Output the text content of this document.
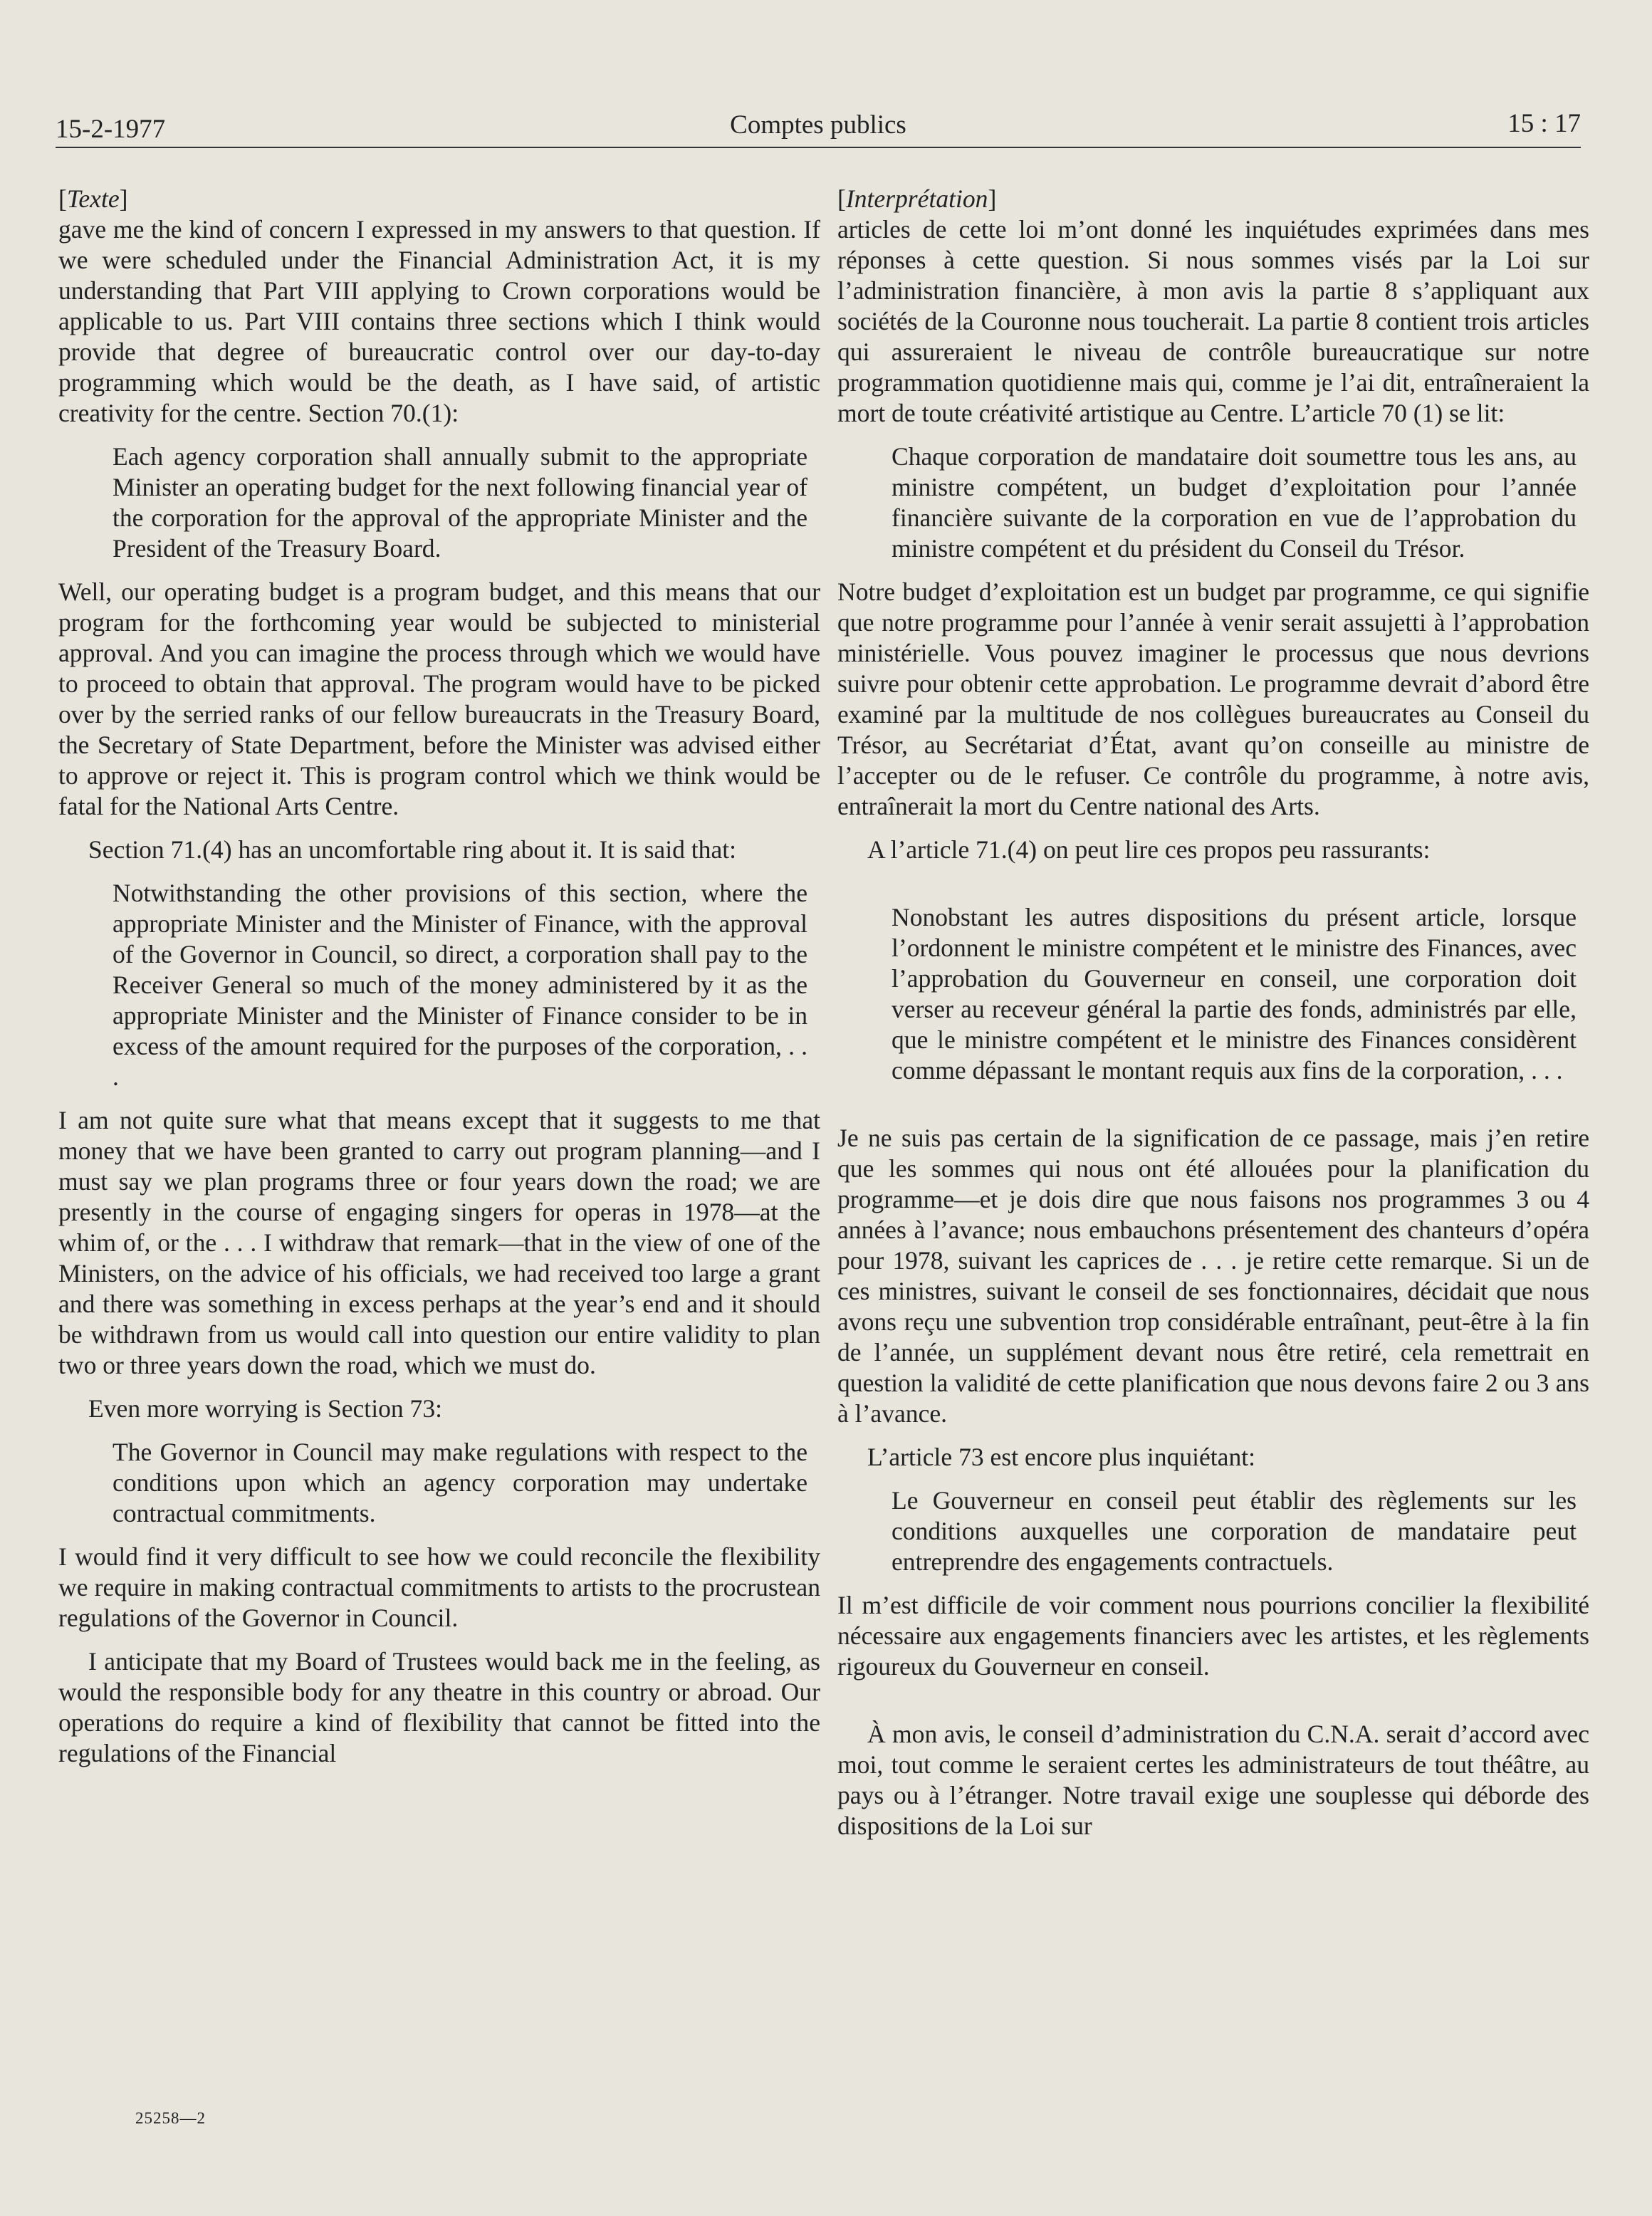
15-2-1977	Comptes publics	15 : 17

[Texte]

gave me the kind of concern I expressed in my answers to that question. If we were scheduled under the Financial Administration Act, it is my understanding that Part VIII applying to Crown corporations would be applicable to us. Part VIII contains three sections which I think would provide that degree of bureaucratic control over our day-to-day programming which would be the death, as I have said, of artistic creativity for the centre. Section 70.(1):

Each agency corporation shall annually submit to the appropriate Minister an operating budget for the next following financial year of the corporation for the approval of the appropriate Minister and the President of the Treasury Board.

Well, our operating budget is a program budget, and this means that our program for the forthcoming year would be subjected to ministerial approval. And you can imagine the process through which we would have to proceed to obtain that approval. The program would have to be picked over by the serried ranks of our fellow bureaucrats in the Treasury Board, the Secretary of State Department, before the Minister was advised either to approve or reject it. This is program control which we think would be fatal for the National Arts Centre.

Section 71.(4) has an uncomfortable ring about it. It is said that:

Notwithstanding the other provisions of this section, where the appropriate Minister and the Minister of Finance, with the approval of the Governor in Council, so direct, a corporation shall pay to the Receiver General so much of the money administered by it as the appropriate Minister and the Minister of Finance consider to be in excess of the amount required for the purposes of the corporation, . . .

I am not quite sure what that means except that it suggests to me that money that we have been granted to carry out program planning—and I must say we plan programs three or four years down the road; we are presently in the course of engaging singers for operas in 1978—at the whim of, or the . . . I withdraw that remark—that in the view of one of the Ministers, on the advice of his officials, we had received too large a grant and there was something in excess perhaps at the year’s end and it should be withdrawn from us would call into question our entire validity to plan two or three years down the road, which we must do.

Even more worrying is Section 73:

The Governor in Council may make regulations with respect to the conditions upon which an agency corporation may undertake contractual commitments.

I would find it very difficult to see how we could reconcile the flexibility we require in making contractual commitments to artists to the procrustean regulations of the Governor in Council.

I anticipate that my Board of Trustees would back me in the feeling, as would the responsible body for any theatre in this country or abroad. Our operations do require a kind of flexibility that cannot be fitted into the regulations of the Financial

[Interprétation]

articles de cette loi m’ont donné les inquiétudes exprimées dans mes réponses à cette question. Si nous sommes visés par la Loi sur l’administration financière, à mon avis la partie 8 s’appliquant aux sociétés de la Couronne nous toucherait. La partie 8 contient trois articles qui assureraient le niveau de contrôle bureaucratique sur notre programmation quotidienne mais qui, comme je l’ai dit, entraîneraient la mort de toute créativité artistique au Centre. L’article 70 (1) se lit:

Chaque corporation de mandataire doit soumettre tous les ans, au ministre compétent, un budget d’exploitation pour l’année financière suivante de la corporation en vue de l’approbation du ministre compétent et du président du Conseil du Trésor.

Notre budget d’exploitation est un budget par programme, ce qui signifie que notre programme pour l’année à venir serait assujetti à l’approbation ministérielle. Vous pouvez imaginer le processus que nous devrions suivre pour obtenir cette approbation. Le programme devrait d’abord être examiné par la multitude de nos collègues bureaucrates au Conseil du Trésor, au Secrétariat d’État, avant qu’on conseille au ministre de l’accepter ou de le refuser. Ce contrôle du programme, à notre avis, entraînerait la mort du Centre national des Arts.

A l’article 71.(4) on peut lire ces propos peu rassurants:

Nonobstant les autres dispositions du présent article, lorsque l’ordonnent le ministre compétent et le ministre des Finances, avec l’approbation du Gouverneur en conseil, une corporation doit verser au receveur général la partie des fonds, administrés par elle, que le ministre compétent et le ministre des Finances considèrent comme dépassant le montant requis aux fins de la corporation, . . .

Je ne suis pas certain de la signification de ce passage, mais j’en retire que les sommes qui nous ont été allouées pour la planification du programme—et je dois dire que nous faisons nos programmes 3 ou 4 années à l’avance; nous embauchons présentement des chanteurs d’opéra pour 1978, suivant les caprices de . . . je retire cette remarque. Si un de ces ministres, suivant le conseil de ses fonctionnaires, décidait que nous avons reçu une subvention trop considérable entraînant, peut-être à la fin de l’année, un supplément devant nous être retiré, cela remettrait en question la validité de cette planification que nous devons faire 2 ou 3 ans à l’avance.

L’article 73 est encore plus inquiétant:

Le Gouverneur en conseil peut établir des règlements sur les conditions auxquelles une corporation de mandataire peut entreprendre des engagements contractuels.

Il m’est difficile de voir comment nous pourrions concilier la flexibilité nécessaire aux engagements financiers avec les artistes, et les règlements rigoureux du Gouverneur en conseil.

À mon avis, le conseil d’administration du C.N.A. serait d’accord avec moi, tout comme le seraient certes les administrateurs de tout théâtre, au pays ou à l’étranger. Notre travail exige une souplesse qui déborde des dispositions de la Loi sur

25258—2
